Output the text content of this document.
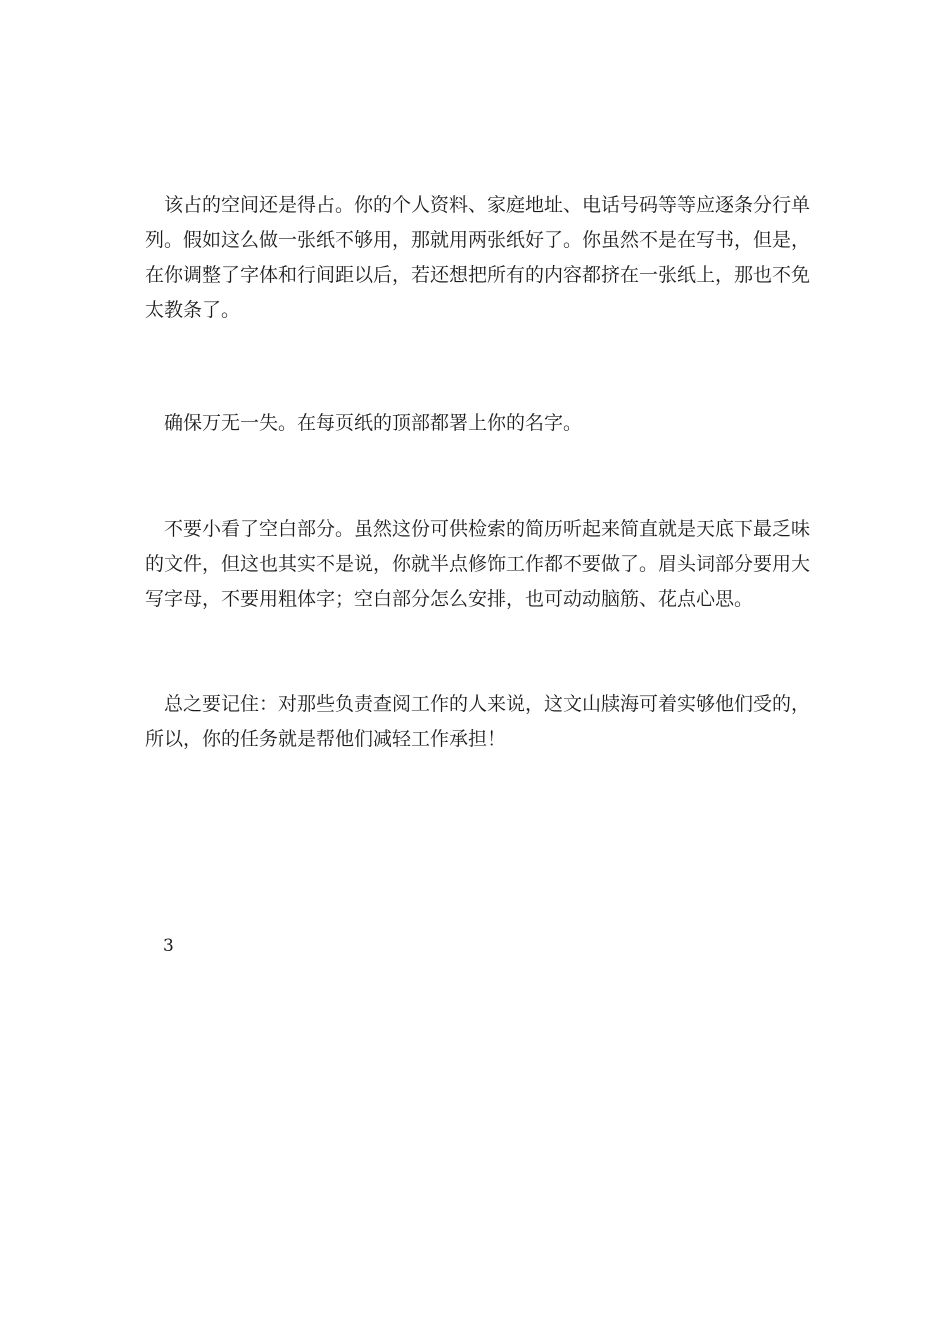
该占的空间还是得占。你的个人资料、家庭地址、电话号码等等应逐条分行单列。假如这么做一张纸不够用，那就用两张纸好了。你虽然不是在写书，但是，在你调整了字体和行间距以后，若还想把所有的内容都挤在一张纸上，那也不免太教条了。

确保万无一失。在每页纸的顶部都署上你的名字。

不要小看了空白部分。虽然这份可供检索的简历听起来简直就是天底下最乏味的文件，但这也其实不是说，你就半点修饰工作都不要做了。眉头词部分要用大写字母，不要用粗体字；空白部分怎么安排，也可动动脑筋、花点心思。

总之要记住：对那些负责查阅工作的人来说，这文山牍海可着实够他们受的，所以，你的任务就是帮他们减轻工作承担！

3
